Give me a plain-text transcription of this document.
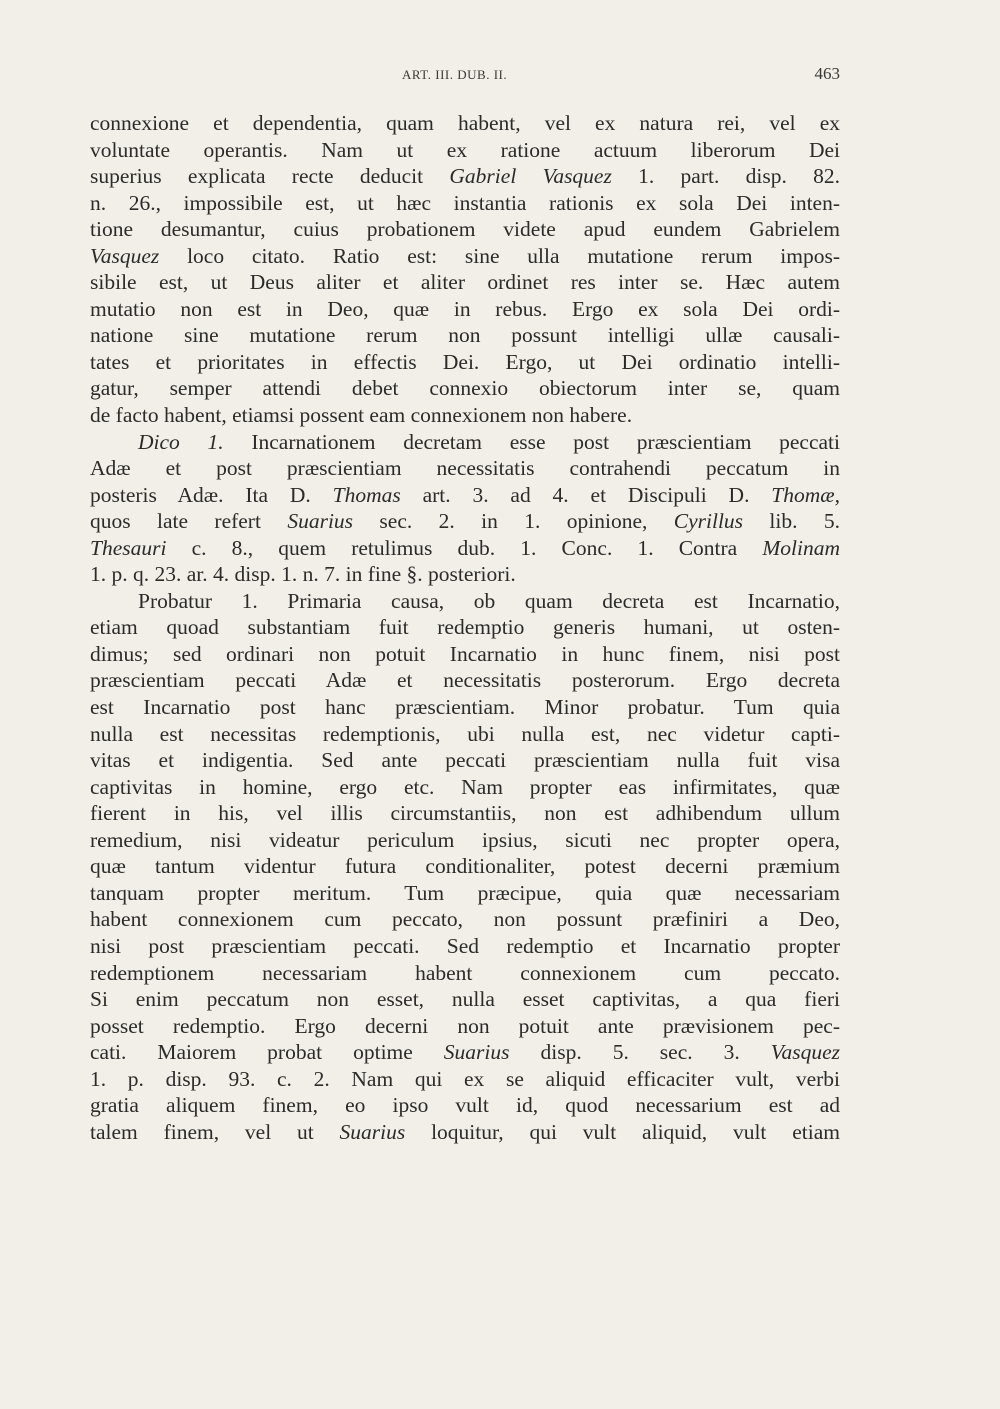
ART. III. DUB. II.	463
connexione et dependentia, quam habent, vel ex natura rei, vel ex
voluntate operantis. Nam ut ex ratione actuum liberorum Dei
superius explicata recte deducit Gabriel Vasquez 1. part. disp. 82.
n. 26., impossibile est, ut hæc instantia rationis ex sola Dei inten-
tione desumantur, cuius probationem videte apud eundem Gabrielem
Vasquez loco citato. Ratio est: sine ulla mutatione rerum impos-
sibile est, ut Deus aliter et aliter ordinet res inter se. Hæc autem
mutatio non est in Deo, quæ in rebus. Ergo ex sola Dei ordi-
natione sine mutatione rerum non possunt intelligi ullæ causali-
tates et prioritates in effectis Dei. Ergo, ut Dei ordinatio intelli-
gatur, semper attendi debet connexio obiectorum inter se, quam
de facto habent, etiamsi possent eam connexionem non habere.
Dico 1. Incarnationem decretam esse post præscientiam peccati
Adæ et post præscientiam necessitatis contrahendi peccatum in
posteris Adæ. Ita D. Thomas art. 3. ad 4. et Discipuli D. Thomæ,
quos late refert Suarius sec. 2. in 1. opinione, Cyrillus lib. 5.
Thesauri c. 8., quem retulimus dub. 1. Conc. 1. Contra Molinam
1. p. q. 23. ar. 4. disp. 1. n. 7. in fine §. posteriori.
Probatur 1. Primaria causa, ob quam decreta est Incarnatio,
etiam quoad substantiam fuit redemptio generis humani, ut osten-
dimus; sed ordinari non potuit Incarnatio in hunc finem, nisi post
præscientiam peccati Adæ et necessitatis posterorum. Ergo decreta
est Incarnatio post hanc præscientiam. Minor probatur. Tum quia
nulla est necessitas redemptionis, ubi nulla est, nec videtur capti-
vitas et indigentia. Sed ante peccati præscientiam nulla fuit visa
captivitas in homine, ergo etc. Nam propter eas infirmitates, quæ
fierent in his, vel illis circumstantiis, non est adhibendum ullum
remedium, nisi videatur periculum ipsius, sicuti nec propter opera,
quæ tantum videntur futura conditionaliter, potest decerni præmium
tanquam propter meritum. Tum præcipue, quia quæ necessariam
habent connexionem cum peccato, non possunt præfiniri a Deo,
nisi post præscientiam peccati. Sed redemptio et Incarnatio propter
redemptionem necessariam habent connexionem cum peccato.
Si enim peccatum non esset, nulla esset captivitas, a qua fieri
posset redemptio. Ergo decerni non potuit ante prævisionem pec-
cati. Maiorem probat optime Suarius disp. 5. sec. 3. Vasquez
1. p. disp. 93. c. 2. Nam qui ex se aliquid efficaciter vult, verbi
gratia aliquem finem, eo ipso vult id, quod necessarium est ad
talem finem, vel ut Suarius loquitur, qui vult aliquid, vult etiam
